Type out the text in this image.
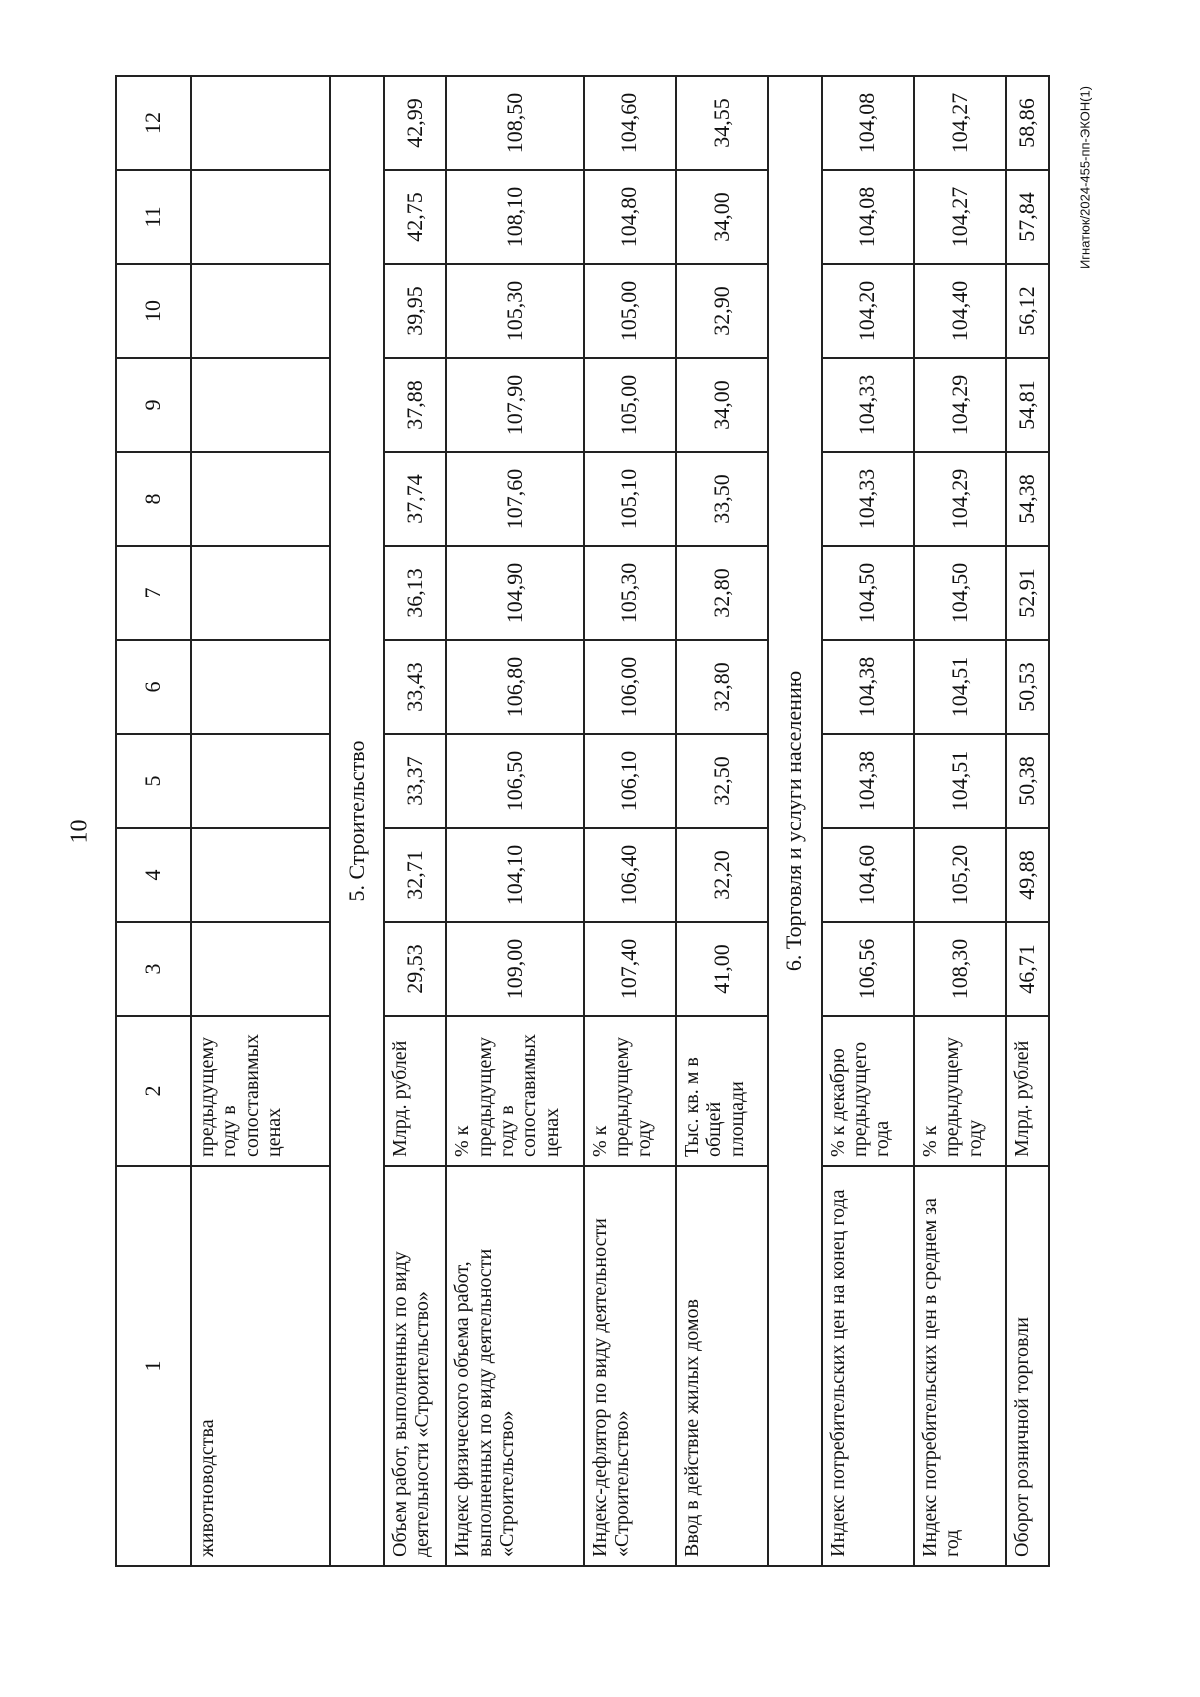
10
Игнатюк/2024-455-пп-ЭКОН(1)
1	2	3	4	5	6	7	8	9	10	11	12
животноводства	предыдущему году в сопоставимых ценах										
5. Строительство											
Объем работ, выполненных по виду деятельности «Строительство»	Млрд. рублей	29,53	32,71	33,37	33,43	36,13	37,74	37,88	39,95	42,75	42,99
Индекс физического объема работ, выполненных по виду деятельности «Строительство»	% к предыдущему году в сопоставимых ценах	109,00	104,10	106,50	106,80	104,90	107,60	107,90	105,30	108,10	108,50
Индекс-дефлятор по виду деятельности «Строительство»	% к предыдущему году	107,40	106,40	106,10	106,00	105,30	105,10	105,00	105,00	104,80	104,60
Ввод в действие жилых домов	Тыс. кв. м в общей площади	41,00	32,20	32,50	32,80	32,80	33,50	34,00	32,90	34,00	34,55
6. Торговля и услуги населению											
Индекс потребительских цен на конец года	% к декабрю предыдущего года	106,56	104,60	104,38	104,38	104,50	104,33	104,33	104,20	104,08	104,08
Индекс потребительских цен в среднем за год	% к предыдущему году	108,30	105,20	104,51	104,51	104,50	104,29	104,29	104,40	104,27	104,27
Оборот розничной торговли	Млрд. рублей	46,71	49,88	50,38	50,53	52,91	54,38	54,81	56,12	57,84	58,86
